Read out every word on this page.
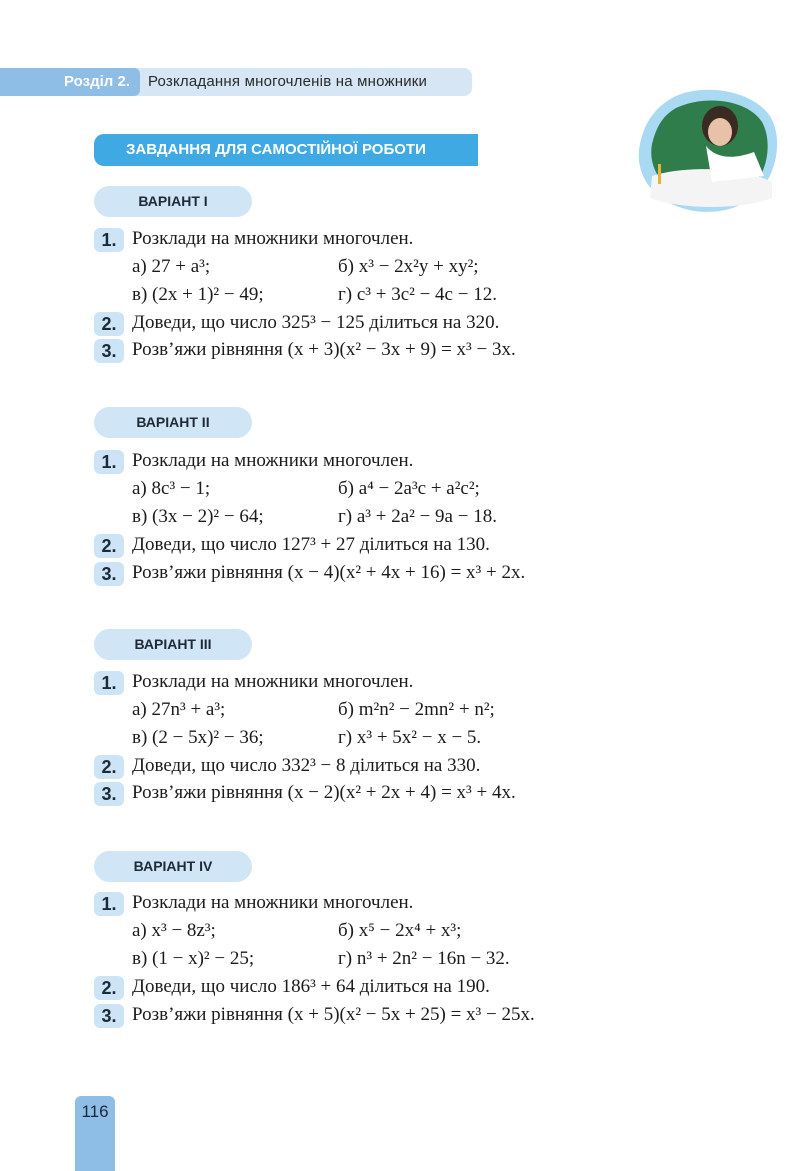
Розділ 2.	Розкладання многочленів на множники
ЗАВДАННЯ ДЛЯ САМОСТІЙНОЇ РОБОТИ
ВАРІАНТ І
1. Розклади на множники многочлен.
а) 27 + a³;	б) x³ − 2x²y + xy²;
в) (2x + 1)² − 49;	г) c³ + 3c² − 4c − 12.
2. Доведи, що число 325³ − 125 ділиться на 320.
3. Розв’яжи рівняння (x + 3)(x² − 3x + 9) = x³ − 3x.
ВАРІАНТ ІІ
1. Розклади на множники многочлен.
а) 8c³ − 1;	б) a⁴ − 2a³c + a²c²;
в) (3x − 2)² − 64;	г) a³ + 2a² − 9a − 18.
2. Доведи, що число 127³ + 27 ділиться на 130.
3. Розв’яжи рівняння (x − 4)(x² + 4x + 16) = x³ + 2x.
ВАРІАНТ ІІІ
1. Розклади на множники многочлен.
а) 27n³ + a³;	б) m²n² − 2mn² + n²;
в) (2 − 5x)² − 36;	г) x³ + 5x² − x − 5.
2. Доведи, що число 332³ − 8 ділиться на 330.
3. Розв’яжи рівняння (x − 2)(x² + 2x + 4) = x³ + 4x.
ВАРІАНТ IV
1. Розклади на множники многочлен.
а) x³ − 8z³;	б) x⁵ − 2x⁴ + x³;
в) (1 − x)² − 25;	г) n³ + 2n² − 16n − 32.
2. Доведи, що число 186³ + 64 ділиться на 190.
3. Розв’яжи рівняння (x + 5)(x² − 5x + 25) = x³ − 25x.
116
